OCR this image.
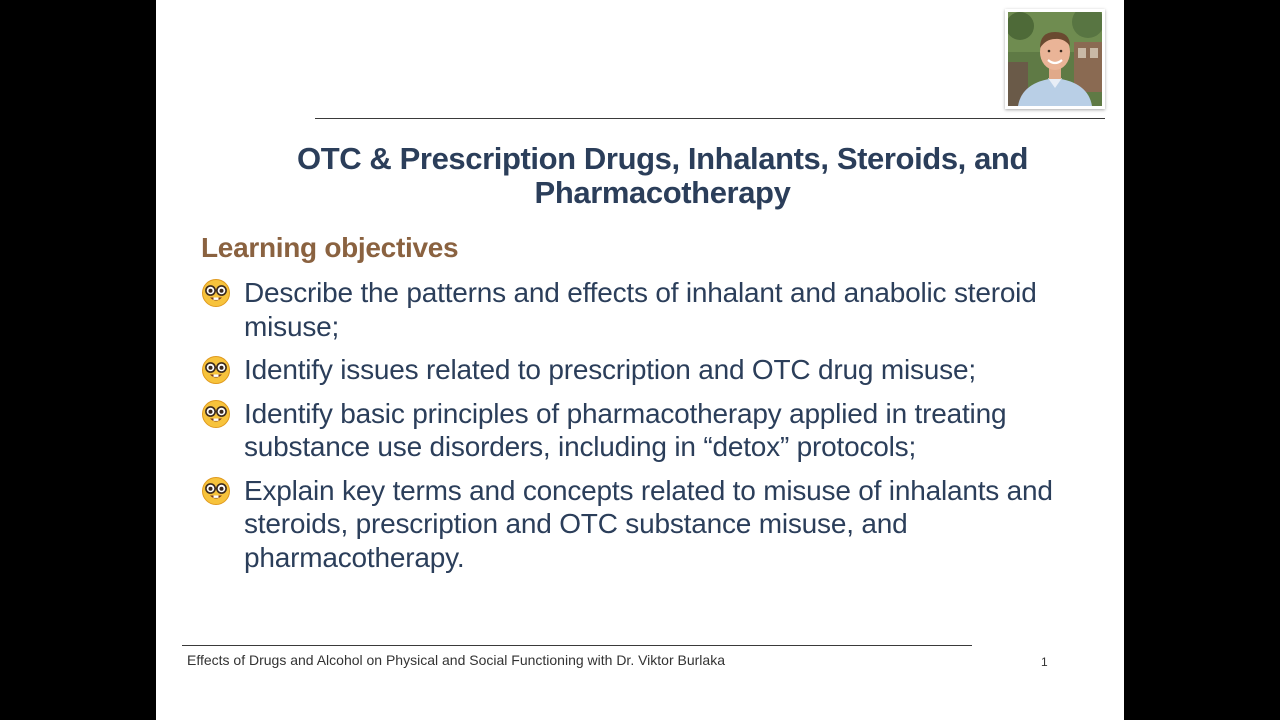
OTC & Prescription Drugs, Inhalants, Steroids, and Pharmacotherapy
Learning objectives
Describe the patterns and effects of inhalant and anabolic steroid misuse;
Identify issues related to prescription and OTC drug misuse;
Identify basic principles of pharmacotherapy applied in treating substance use disorders, including in “detox” protocols;
Explain key terms and concepts related to misuse of inhalants and steroids, prescription and OTC substance misuse, and pharmacotherapy.
Effects of Drugs and Alcohol on Physical and Social Functioning with Dr. Viktor Burlaka	1
